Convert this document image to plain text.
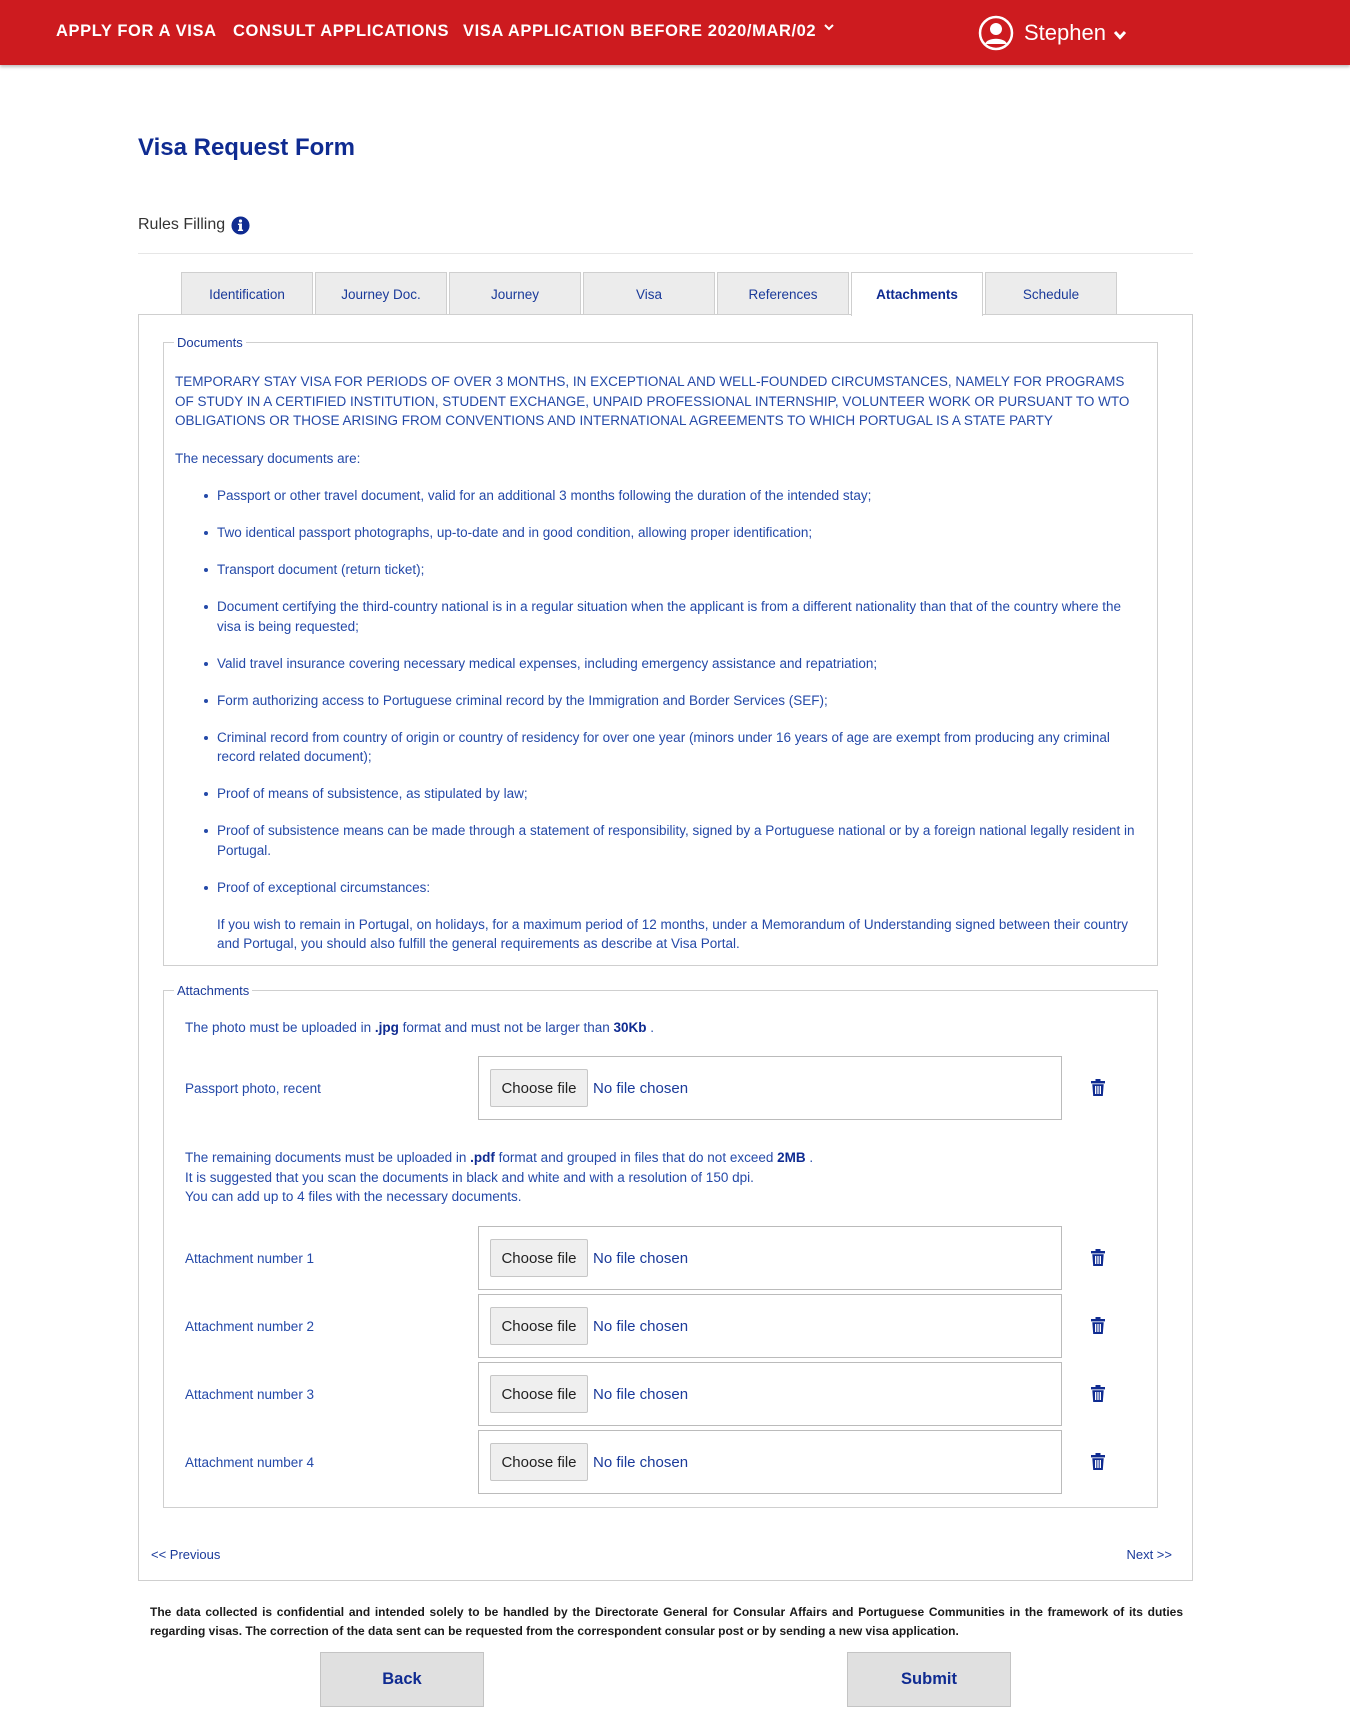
APPLY FOR A VISA CONSULT APPLICATIONS VISA APPLICATION BEFORE 2020/MAR/02	Stephen
Visa Request Form
Rules Filling
Identification	Journey Doc.	Journey	Visa	References	Attachments	Schedule
Documents

TEMPORARY STAY VISA FOR PERIODS OF OVER 3 MONTHS, IN EXCEPTIONAL AND WELL-FOUNDED CIRCUMSTANCES, NAMELY FOR PROGRAMS OF STUDY IN A CERTIFIED INSTITUTION, STUDENT EXCHANGE, UNPAID PROFESSIONAL INTERNSHIP, VOLUNTEER WORK OR PURSUANT TO WTO OBLIGATIONS OR THOSE ARISING FROM CONVENTIONS AND INTERNATIONAL AGREEMENTS TO WHICH PORTUGAL IS A STATE PARTY

The necessary documents are:

Passport or other travel document, valid for an additional 3 months following the duration of the intended stay;
Two identical passport photographs, up-to-date and in good condition, allowing proper identification;
Transport document (return ticket);
Document certifying the third-country national is in a regular situation when the applicant is from a different nationality than that of the country where the visa is being requested;
Valid travel insurance covering necessary medical expenses, including emergency assistance and repatriation;
Form authorizing access to Portuguese criminal record by the Immigration and Border Services (SEF);
Criminal record from country of origin or country of residency for over one year (minors under 16 years of age are exempt from producing any criminal record related document);
Proof of means of subsistence, as stipulated by law;
Proof of subsistence means can be made through a statement of responsibility, signed by a Portuguese national or by a foreign national legally resident in Portugal.
Proof of exceptional circumstances:

If you wish to remain in Portugal, on holidays, for a maximum period of 12 months, under a Memorandum of Understanding signed between their country and Portugal, you should also fulfill the general requirements as describe at Visa Portal.

Attachments
The photo must be uploaded in .jpg format and must not be larger than 30Kb .
Passport photo, recent	Choose file	No file chosen
The remaining documents must be uploaded in .pdf format and grouped in files that do not exceed 2MB .
It is suggested that you scan the documents in black and white and with a resolution of 150 dpi.
You can add up to 4 files with the necessary documents.
Attachment number 1	Choose file	No file chosen
Attachment number 2	Choose file	No file chosen
Attachment number 3	Choose file	No file chosen
Attachment number 4	Choose file	No file chosen
<< Previous	Next >>

The data collected is confidential and intended solely to be handled by the Directorate General for Consular Affairs and Portuguese Communities in the framework of its duties regarding visas. The correction of the data sent can be requested from the correspondent consular post or by sending a new visa application.

Back	Submit
